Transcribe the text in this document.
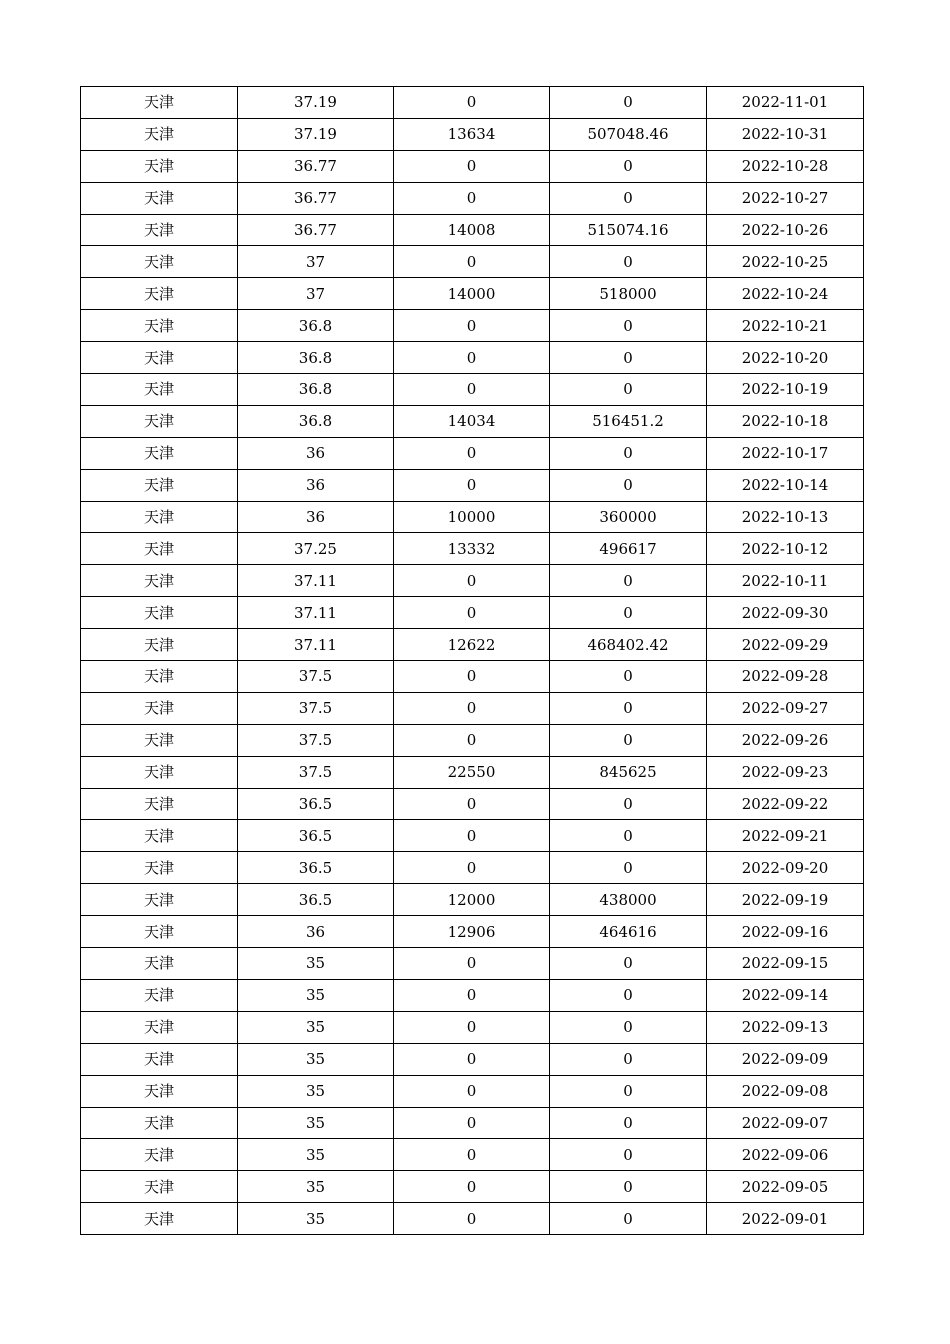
天津	37.19	0	0	2022-11-01
天津	37.19	13634	507048.46	2022-10-31
天津	36.77	0	0	2022-10-28
天津	36.77	0	0	2022-10-27
天津	36.77	14008	515074.16	2022-10-26
天津	37	0	0	2022-10-25
天津	37	14000	518000	2022-10-24
天津	36.8	0	0	2022-10-21
天津	36.8	0	0	2022-10-20
天津	36.8	0	0	2022-10-19
天津	36.8	14034	516451.2	2022-10-18
天津	36	0	0	2022-10-17
天津	36	0	0	2022-10-14
天津	36	10000	360000	2022-10-13
天津	37.25	13332	496617	2022-10-12
天津	37.11	0	0	2022-10-11
天津	37.11	0	0	2022-09-30
天津	37.11	12622	468402.42	2022-09-29
天津	37.5	0	0	2022-09-28
天津	37.5	0	0	2022-09-27
天津	37.5	0	0	2022-09-26
天津	37.5	22550	845625	2022-09-23
天津	36.5	0	0	2022-09-22
天津	36.5	0	0	2022-09-21
天津	36.5	0	0	2022-09-20
天津	36.5	12000	438000	2022-09-19
天津	36	12906	464616	2022-09-16
天津	35	0	0	2022-09-15
天津	35	0	0	2022-09-14
天津	35	0	0	2022-09-13
天津	35	0	0	2022-09-09
天津	35	0	0	2022-09-08
天津	35	0	0	2022-09-07
天津	35	0	0	2022-09-06
天津	35	0	0	2022-09-05
天津	35	0	0	2022-09-01
